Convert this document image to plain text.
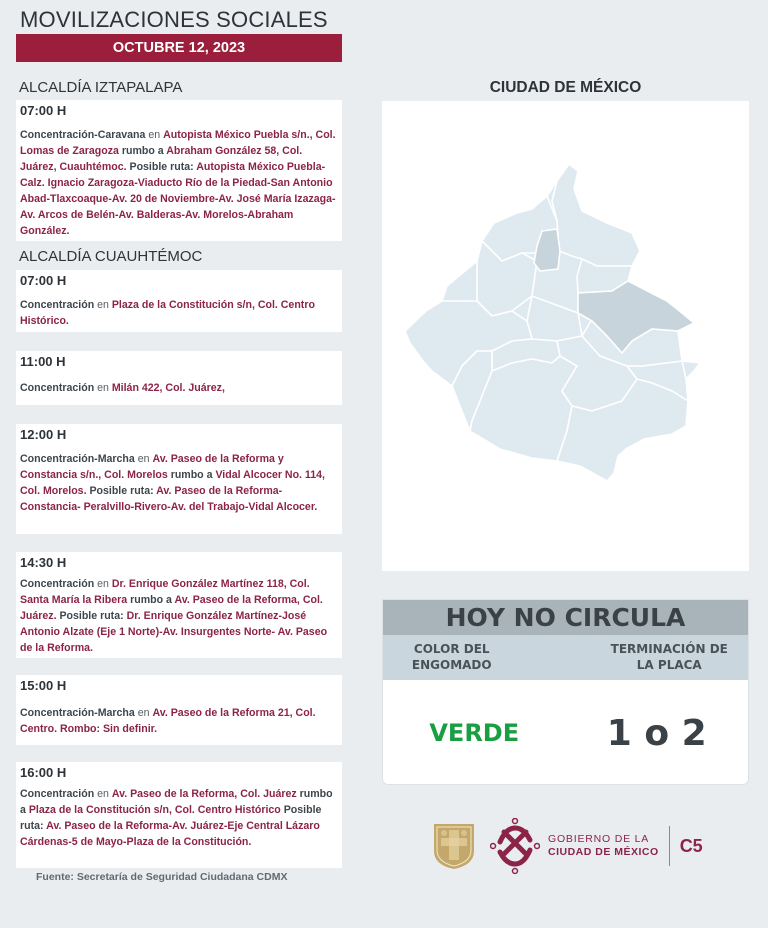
MOVILIZACIONES SOCIALES
OCTUBRE 12, 2023
ALCALDÍA IZTAPALAPA
07:00 H
Concentración-Caravana en Autopista México Puebla s/n., Col. Lomas de Zaragoza rumbo a Abraham González 58, Col. Juárez, Cuauhtémoc. Posible ruta: Autopista México Puebla-Calz. Ignacio Zaragoza-Viaducto Río de la Piedad-San Antonio Abad-Tlaxcoaque-Av. 20 de Noviembre-Av. José María Izazaga-Av. Arcos de Belén-Av. Balderas-Av. Morelos-Abraham González.
ALCALDÍA CUAUHTÉMOC
07:00 H
Concentración en Plaza de la Constitución s/n, Col. Centro Histórico.
11:00 H
Concentración en Milán 422, Col. Juárez,
12:00 H
Concentración-Marcha en Av. Paseo de la Reforma y Constancia s/n., Col. Morelos rumbo a Vidal Alcocer No. 114, Col. Morelos. Posible ruta: Av. Paseo de la Reforma-Constancia- Peralvillo-Rivero-Av. del Trabajo-Vidal Alcocer.
14:30 H
Concentración en Dr. Enrique González Martínez 118, Col. Santa María la Ribera rumbo a Av. Paseo de la Reforma, Col. Juárez. Posible ruta: Dr. Enrique González Martínez-José Antonio Alzate (Eje 1 Norte)-Av. Insurgentes Norte- Av. Paseo de la Reforma.
15:00 H
Concentración-Marcha en Av. Paseo de la Reforma 21, Col. Centro. Rombo: Sin definir.
16:00 H
Concentración en Av. Paseo de la Reforma, Col. Juárez rumbo a Plaza de la Constitución s/n, Col. Centro Histórico Posible ruta: Av. Paseo de la Reforma-Av. Juárez-Eje Central Lázaro Cárdenas-5 de Mayo-Plaza de la Constitución.
Fuente: Secretaría de Seguridad Ciudadana CDMX
CIUDAD DE MÉXICO
HOY NO CIRCULA
COLOR DEL ENGOMADO
TERMINACIÓN DE LA PLACA
VERDE	1 o 2
GOBIERNO DE LA
CIUDAD DE MÉXICO C5
